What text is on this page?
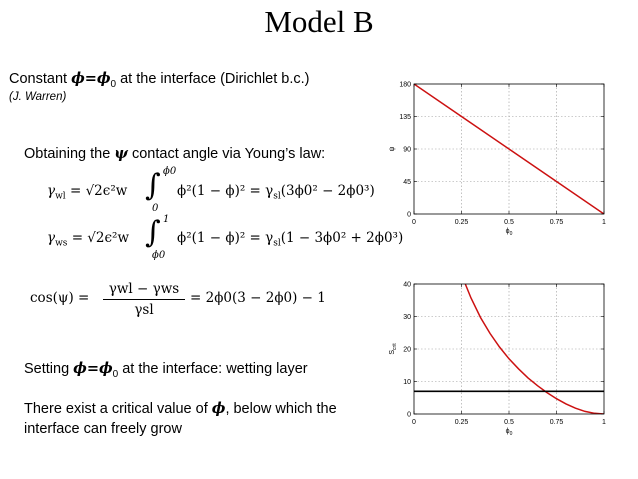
Model B
Constant $\phi=\phi_0$ at the interface (Dirichlet b.c.)
(J. Warren)
Obtaining the ψ contact angle via Young’s law:
$\gamma_{wl} = √2\epsilon^2w$ ∫ ϕ0
0
$\phi^2(1 - \phi)^2 = \gamma_{sl}(3\phi 0^2 - 2\phi 0^3)$
$\gamma_{ws} = √2\epsilon^2w$ ∫ 1
ϕ0
$\phi^2(1 - \phi)^2 = \gamma_{sl}(1 - 3\phi 0^2 + 2\phi 0^3)$
cos(ψ) =
γwl − γws
γsl
= 2ϕ0(3 − 2ϕ0) − 1
Setting $\phi=\phi_0$ at the interface: wetting layer
There exist a critical value of ϕ, below which the
interface can freely grow
0	0.25	0.5	0.75	1
0
45
90
135
180
$\phi_0$
ψ
0	0.25	0.5	0.75	1
0
10
20
30
40
$\phi_0$
$S_{crit}$
